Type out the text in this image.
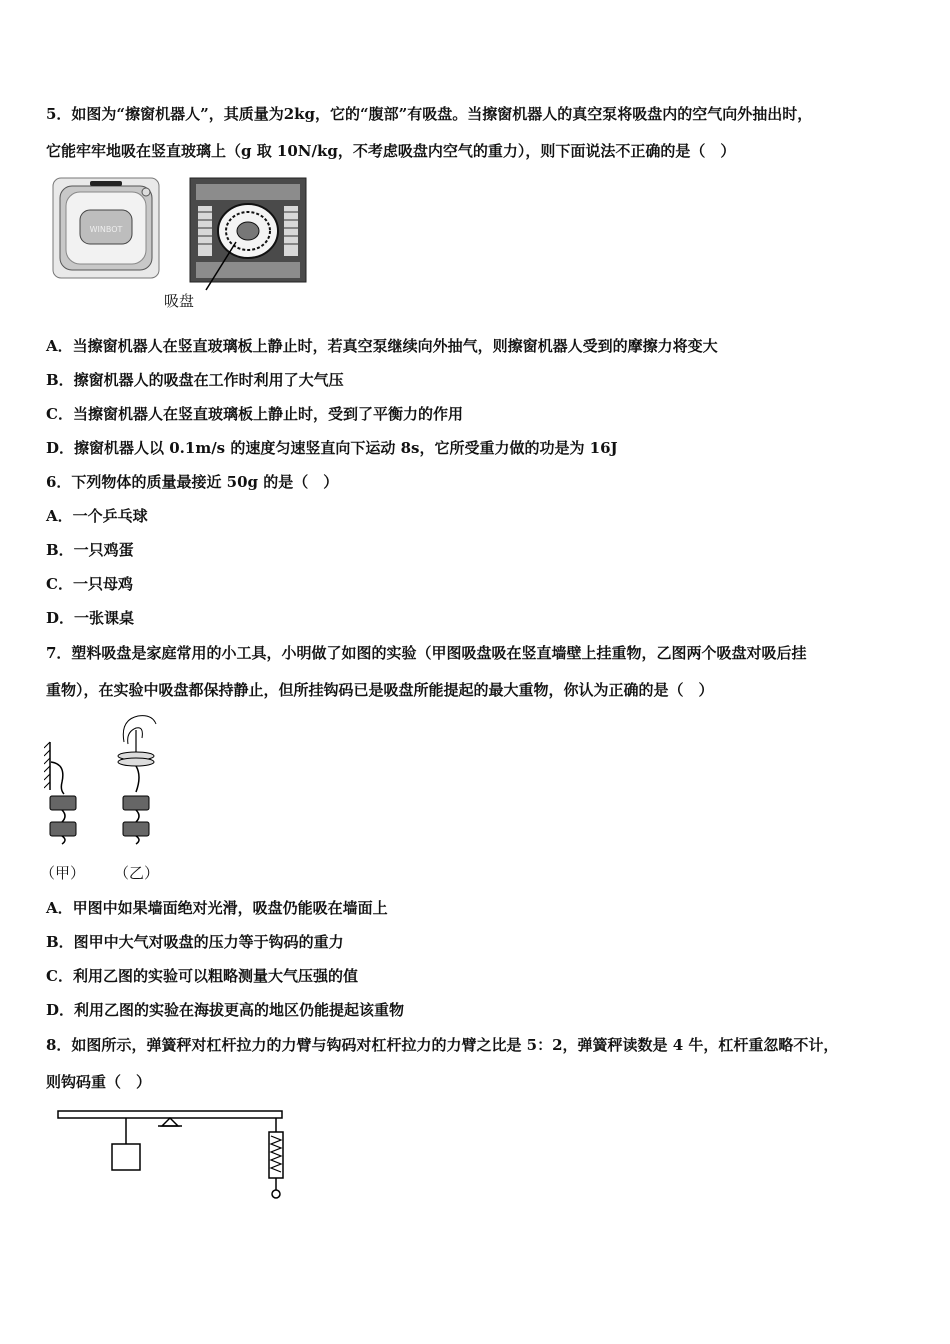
5．如图为“擦窗机器人”，其质量为2kg，它的“腹部”有吸盘。当擦窗机器人的真空泵将吸盘内的空气向外抽出时，
它能牢牢地吸在竖直玻璃上（g 取 10N/kg，不考虑吸盘内空气的重力），则下面说法不正确的是（　）
WINBOT
吸盘
A．当擦窗机器人在竖直玻璃板上静止时，若真空泵继续向外抽气，则擦窗机器人受到的摩擦力将变大
B．擦窗机器人的吸盘在工作时利用了大气压
C．当擦窗机器人在竖直玻璃板上静止时，受到了平衡力的作用
D．擦窗机器人以 0.1m/s 的速度匀速竖直向下运动 8s，它所受重力做的功是为 16J
6．下列物体的质量最接近 50g 的是（　）
A．一个乒乓球
B．一只鸡蛋
C．一只母鸡
D．一张课桌
7．塑料吸盘是家庭常用的小工具，小明做了如图的实验（甲图吸盘吸在竖直墙壁上挂重物，乙图两个吸盘对吸后挂
重物），在实验中吸盘都保持静止，但所挂钩码已是吸盘所能提起的最大重物，你认为正确的是（　）
（甲） （乙）
A．甲图中如果墙面绝对光滑，吸盘仍能吸在墙面上
B．图甲中大气对吸盘的压力等于钩码的重力
C．利用乙图的实验可以粗略测量大气压强的值
D．利用乙图的实验在海拔更高的地区仍能提起该重物
8．如图所示，弹簧秤对杠杆拉力的力臂与钩码对杠杆拉力的力臂之比是 5：2，弹簧秤读数是 4 牛，杠杆重忽略不计，
则钩码重（　）
